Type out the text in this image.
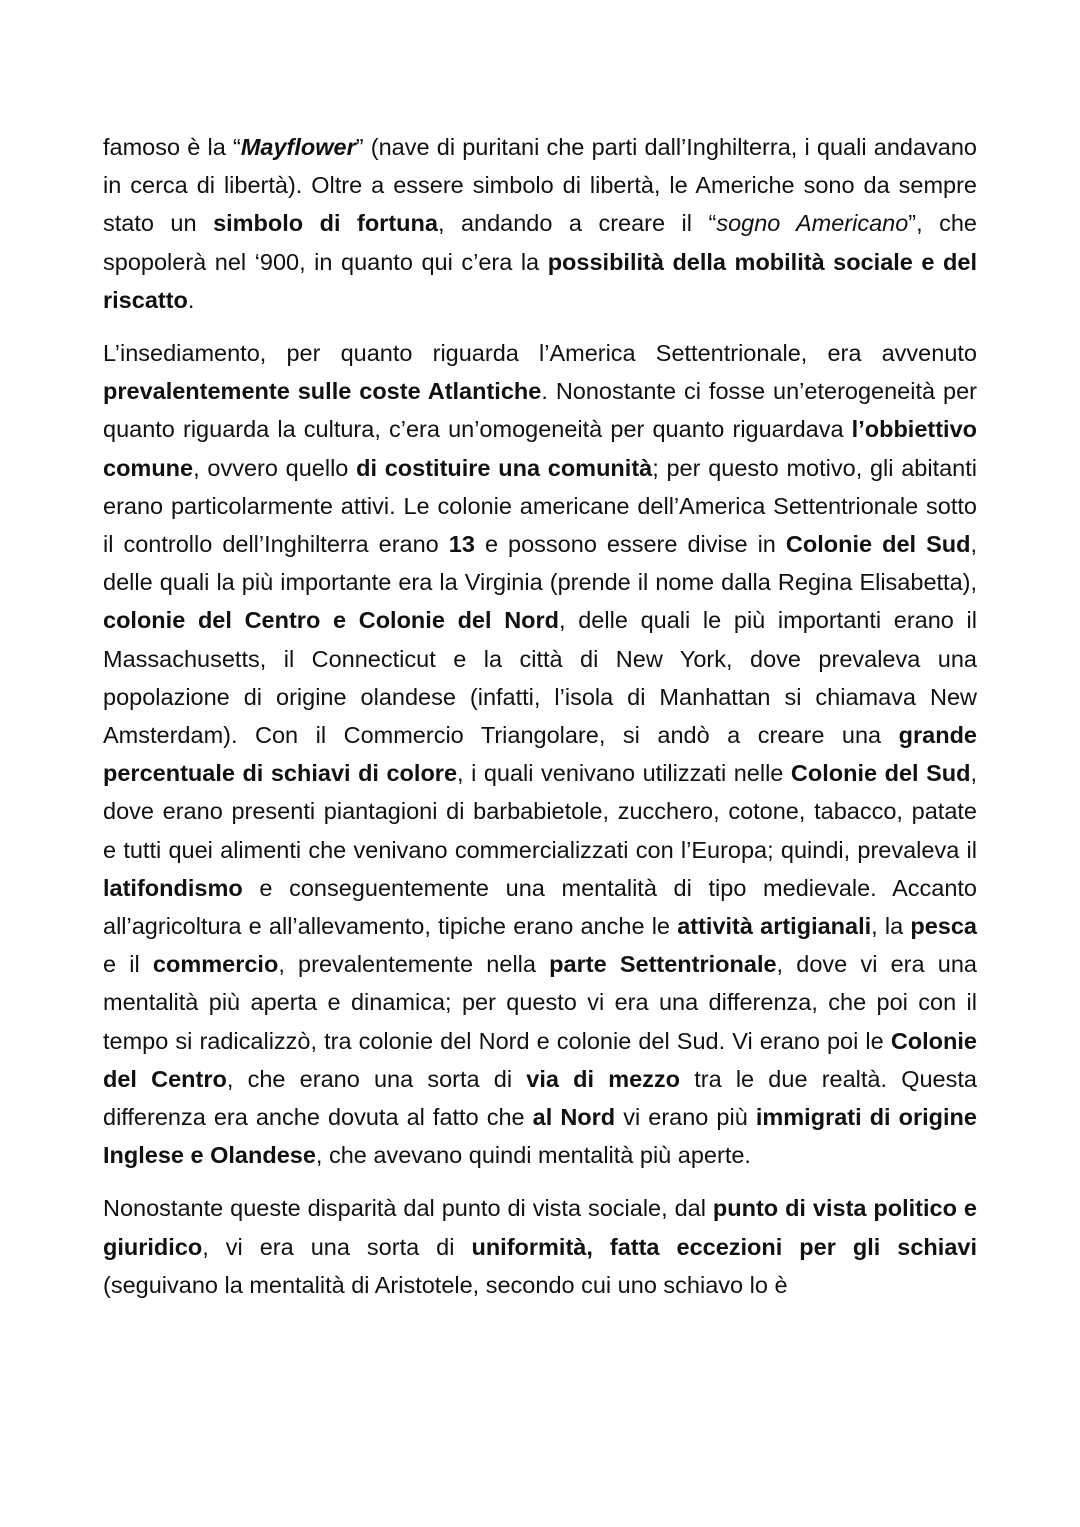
famoso è la “Mayflower” (nave di puritani che parti dall’Inghilterra, i quali andavano in cerca di libertà). Oltre a essere simbolo di libertà, le Americhe sono da sempre stato un simbolo di fortuna, andando a creare il “sogno Americano”, che spopolerà nel ‘900, in quanto qui c’era la possibilità della mobilità sociale e del riscatto.

L’insediamento, per quanto riguarda l’America Settentrionale, era avvenuto prevalentemente sulle coste Atlantiche. Nonostante ci fosse un’eterogeneità per quanto riguarda la cultura, c’era un’omogeneità per quanto riguardava l’obbiettivo comune, ovvero quello di costituire una comunità; per questo motivo, gli abitanti erano particolarmente attivi. Le colonie americane dell’America Settentrionale sotto il controllo dell’Inghilterra erano 13 e possono essere divise in Colonie del Sud, delle quali la più importante era la Virginia (prende il nome dalla Regina Elisabetta), colonie del Centro e Colonie del Nord, delle quali le più importanti erano il Massachusetts, il Connecticut e la città di New York, dove prevaleva una popolazione di origine olandese (infatti, l’isola di Manhattan si chiamava New Amsterdam). Con il Commercio Triangolare, si andò a creare una grande percentuale di schiavi di colore, i quali venivano utilizzati nelle Colonie del Sud, dove erano presenti piantagioni di barbabietole, zucchero, cotone, tabacco, patate e tutti quei alimenti che venivano commercializzati con l’Europa; quindi, prevaleva il latifondismo e conseguentemente una mentalità di tipo medievale. Accanto all’agricoltura e all’allevamento, tipiche erano anche le attività artigianali, la pesca e il commercio, prevalentemente nella parte Settentrionale, dove vi era una mentalità più aperta e dinamica; per questo vi era una differenza, che poi con il tempo si radicalizzò, tra colonie del Nord e colonie del Sud. Vi erano poi le Colonie del Centro, che erano una sorta di via di mezzo tra le due realtà. Questa differenza era anche dovuta al fatto che al Nord vi erano più immigrati di origine Inglese e Olandese, che avevano quindi mentalità più aperte.

Nonostante queste disparità dal punto di vista sociale, dal punto di vista politico e giuridico, vi era una sorta di uniformità, fatta eccezioni per gli schiavi (seguivano la mentalità di Aristotele, secondo cui uno schiavo lo è
